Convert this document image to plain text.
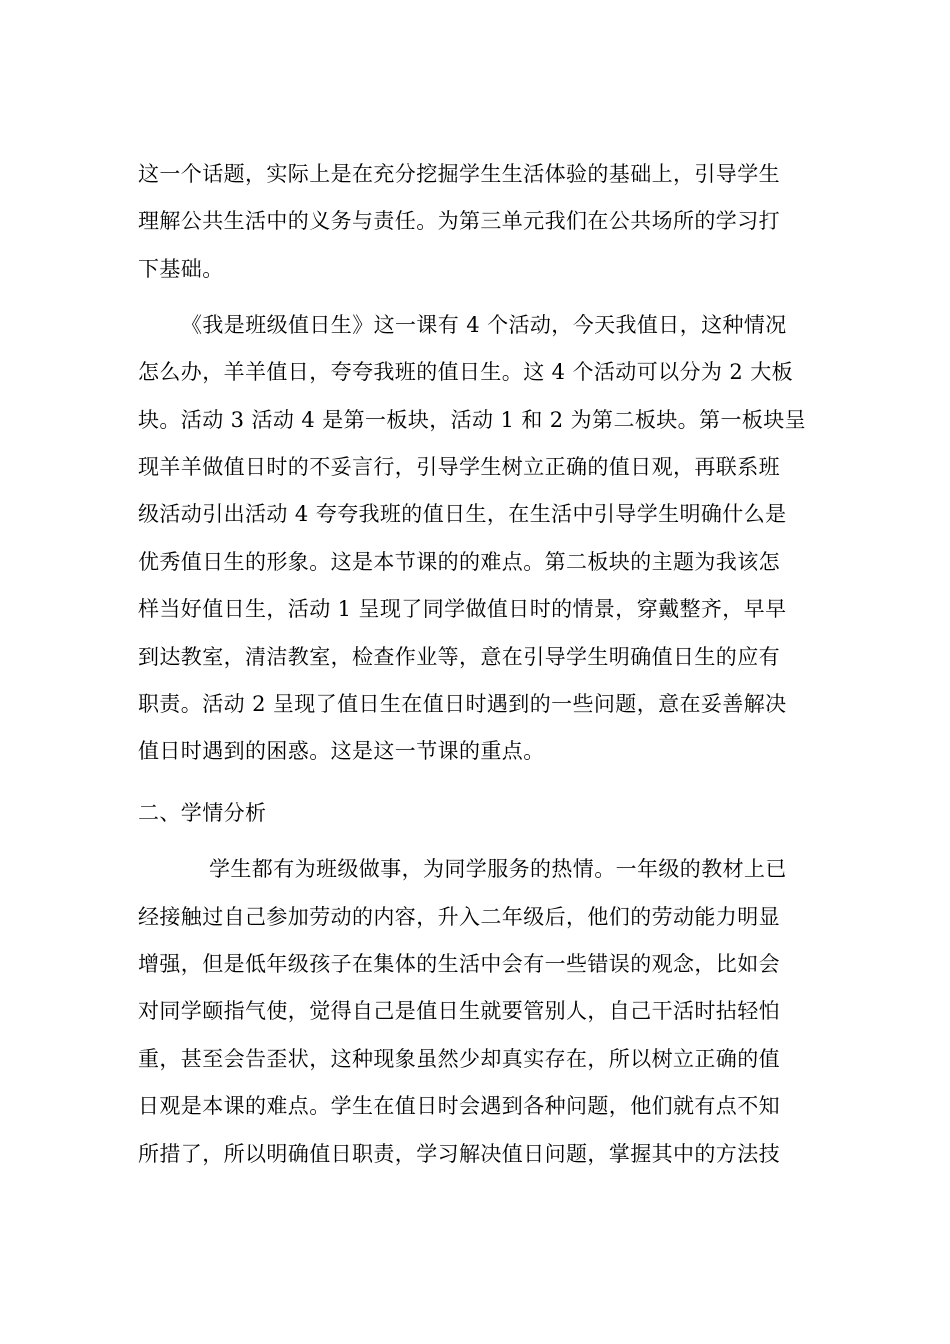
这一个话题，实际上是在充分挖掘学生生活体验的基础上，引导学生
理解公共生活中的义务与责任。为第三单元我们在公共场所的学习打
下基础。
《我是班级值日生》这一课有 4 个活动，今天我值日，这种情况
怎么办，羊羊值日，夸夸我班的值日生。这 4 个活动可以分为 2 大板
块。活动 3 活动 4 是第一板块，活动 1 和 2 为第二板块。第一板块呈
现羊羊做值日时的不妥言行，引导学生树立正确的值日观，再联系班
级活动引出活动 4 夸夸我班的值日生，在生活中引导学生明确什么是
优秀值日生的形象。这是本节课的的难点。第二板块的主题为我该怎
样当好值日生，活动 1 呈现了同学做值日时的情景，穿戴整齐，早早
到达教室，清洁教室，检查作业等，意在引导学生明确值日生的应有
职责。活动 2 呈现了值日生在值日时遇到的一些问题，意在妥善解决
值日时遇到的困惑。这是这一节课的重点。
二、学情分析
学生都有为班级做事，为同学服务的热情。一年级的教材上已
经接触过自己参加劳动的内容，升入二年级后，他们的劳动能力明显
增强，但是低年级孩子在集体的生活中会有一些错误的观念，比如会
对同学颐指气使，觉得自己是值日生就要管别人，自己干活时拈轻怕
重，甚至会告歪状，这种现象虽然少却真实存在，所以树立正确的值
日观是本课的难点。学生在值日时会遇到各种问题，他们就有点不知
所措了，所以明确值日职责，学习解决值日问题，掌握其中的方法技
